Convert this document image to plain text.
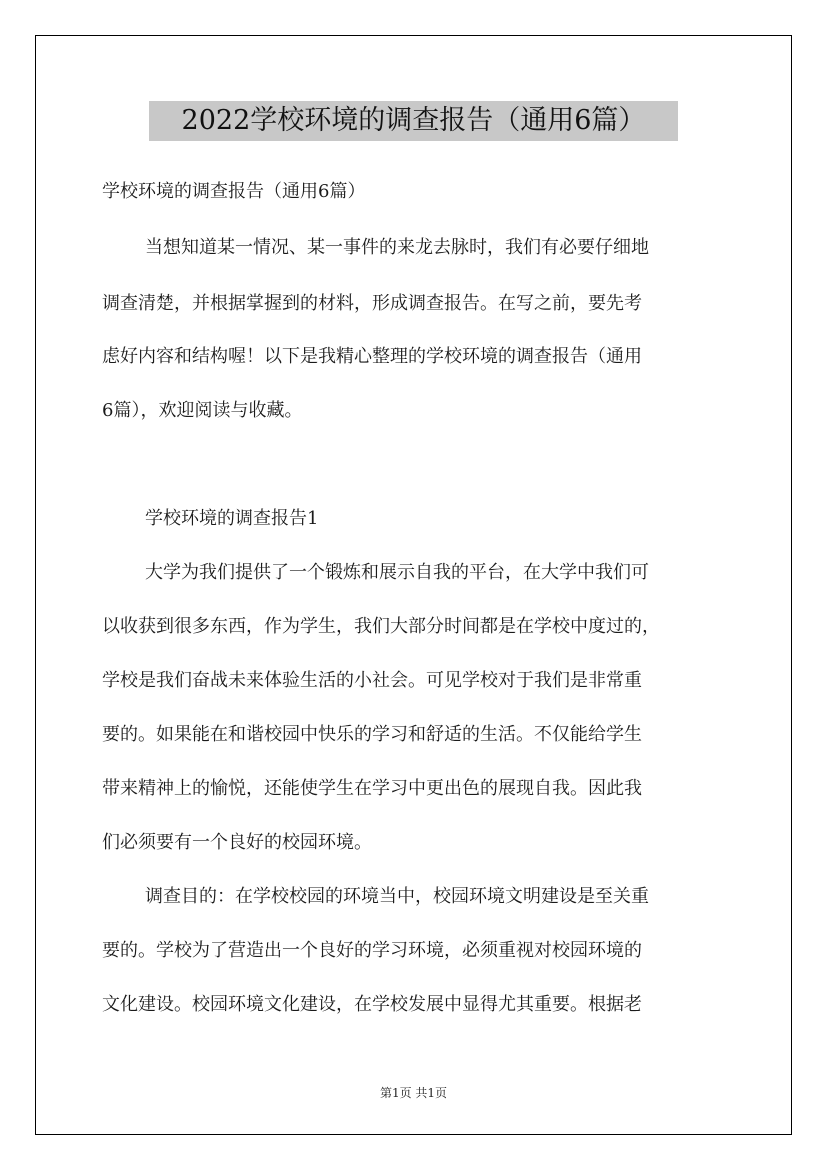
2022学校环境的调查报告（通用6篇）
学校环境的调查报告（通用6篇）
当想知道某一情况、某一事件的来龙去脉时，我们有必要仔细地
调查清楚，并根据掌握到的材料，形成调查报告。在写之前，要先考
虑好内容和结构喔！以下是我精心整理的学校环境的调查报告（通用
6篇），欢迎阅读与收藏。
学校环境的调查报告1
大学为我们提供了一个锻炼和展示自我的平台，在大学中我们可
以收获到很多东西，作为学生，我们大部分时间都是在学校中度过的，
学校是我们奋战未来体验生活的小社会。可见学校对于我们是非常重
要的。如果能在和谐校园中快乐的学习和舒适的生活。不仅能给学生
带来精神上的愉悦，还能使学生在学习中更出色的展现自我。因此我
们必须要有一个良好的校园环境。
调查目的：在学校校园的环境当中，校园环境文明建设是至关重
要的。学校为了营造出一个良好的学习环境，必须重视对校园环境的
文化建设。校园环境文化建设，在学校发展中显得尤其重要。根据老
第1页 共1页
